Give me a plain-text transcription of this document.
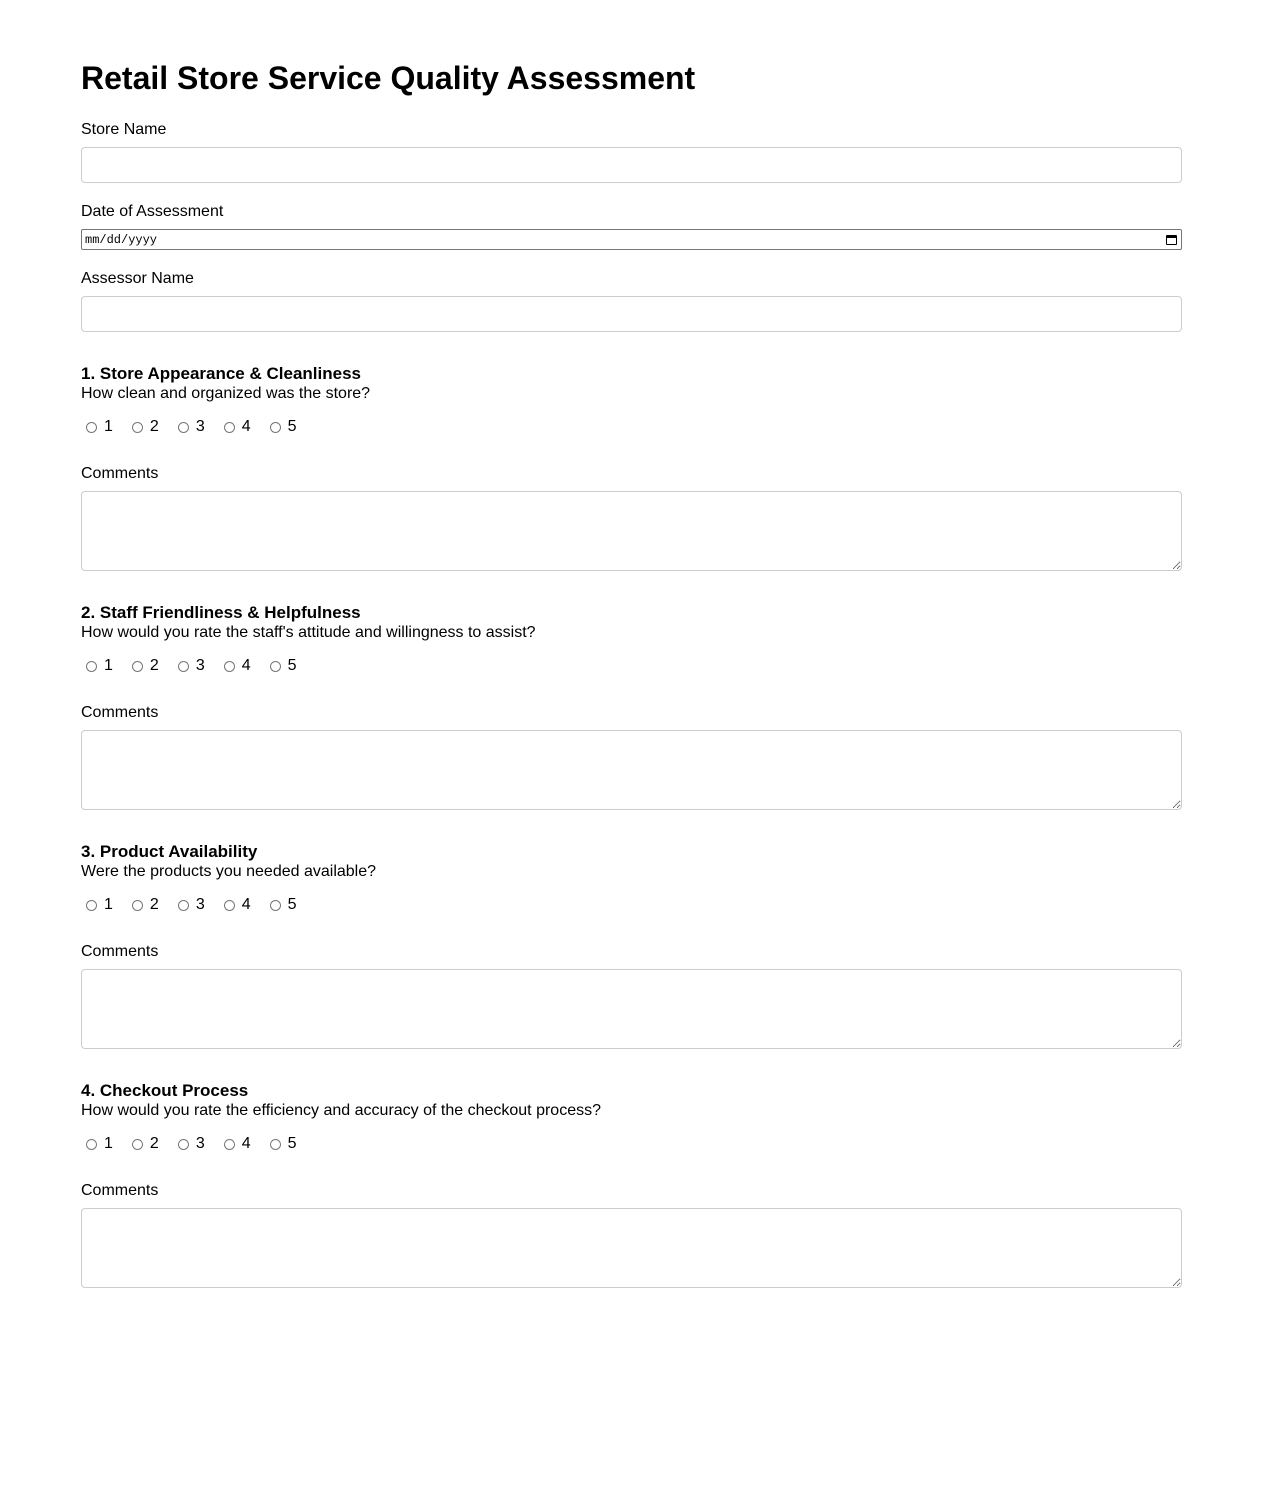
Retail Store Service Quality Assessment
Store Name
Date of Assessment
mm/dd/yyyy
Assessor Name
1. Store Appearance & Cleanliness
How clean and organized was the store?
1 2 3 4 5
Comments
2. Staff Friendliness & Helpfulness
How would you rate the staff's attitude and willingness to assist?
1 2 3 4 5
Comments
3. Product Availability
Were the products you needed available?
1 2 3 4 5
Comments
4. Checkout Process
How would you rate the efficiency and accuracy of the checkout process?
1 2 3 4 5
Comments
